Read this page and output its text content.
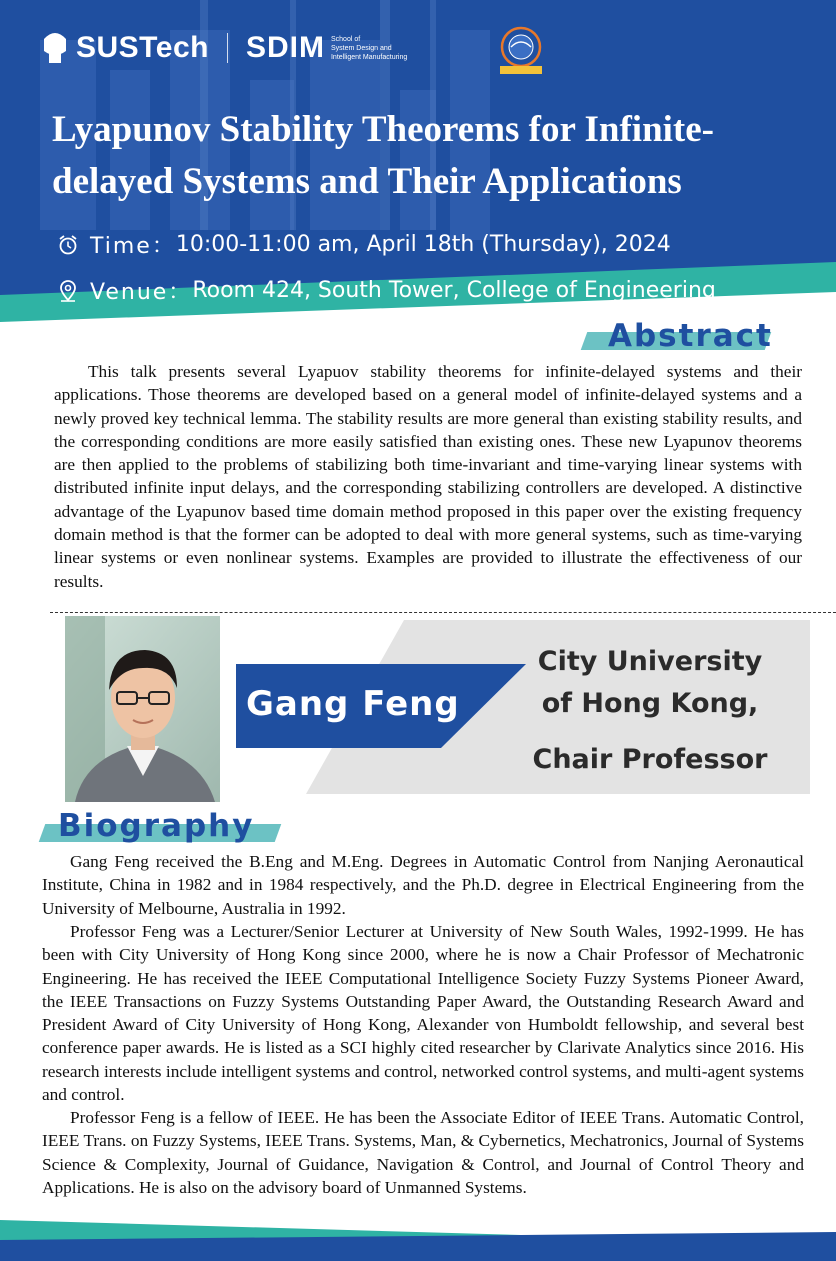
SUSTech SDIM School of
System Design and
Intelligent Manufacturing
Lyapunov Stability Theorems for Infinite-delayed Systems and Their Applications
Time： 10:00-11:00 am, April 18th (Thursday), 2024
Venue： Room 424, South Tower, College of Engineering
Abstract

This talk presents several Lyapuov stability theorems for infinite-delayed systems and their applications. Those theorems are developed based on a general model of infinite-delayed systems and a newly proved key technical lemma. The stability results are more general than existing stability results, and the corresponding conditions are more easily satisfied than existing ones. These new Lyapunov theorems are then applied to the problems of stabilizing both time-invariant and time-varying linear systems with distributed infinite input delays, and the corresponding stabilizing controllers are developed. A distinctive advantage of the Lyapunov based time domain method proposed in this paper over the existing frequency domain method is that the former can be adopted to deal with more general systems, such as time-varying linear systems or even nonlinear systems. Examples are provided to illustrate the effectiveness of our results.

Gang Feng
City University
of Hong Kong,
Chair Professor
Biography

Gang Feng received the B.Eng and M.Eng. Degrees in Automatic Control from Nanjing Aeronautical Institute, China in 1982 and in 1984 respectively, and the Ph.D. degree in Electrical Engineering from the University of Melbourne, Australia in 1992.

Professor Feng was a Lecturer/Senior Lecturer at University of New South Wales, 1992-1999. He has been with City University of Hong Kong since 2000, where he is now a Chair Professor of Mechatronic Engineering. He has received the IEEE Computational Intelligence Society Fuzzy Systems Pioneer Award, the IEEE Transactions on Fuzzy Systems Outstanding Paper Award, the Outstanding Research Award and President Award of City University of Hong Kong, Alexander von Humboldt fellowship, and several best conference paper awards. He is listed as a SCI highly cited researcher by Clarivate Analytics since 2016. His research interests include intelligent systems and control, networked control systems, and multi-agent systems and control.

Professor Feng is a fellow of IEEE. He has been the Associate Editor of IEEE Trans. Automatic Control, IEEE Trans. on Fuzzy Systems, IEEE Trans. Systems, Man, & Cybernetics, Mechatronics, Journal of Systems Science & Complexity, Journal of Guidance, Navigation & Control, and Journal of Control Theory and Applications. He is also on the advisory board of Unmanned Systems.
